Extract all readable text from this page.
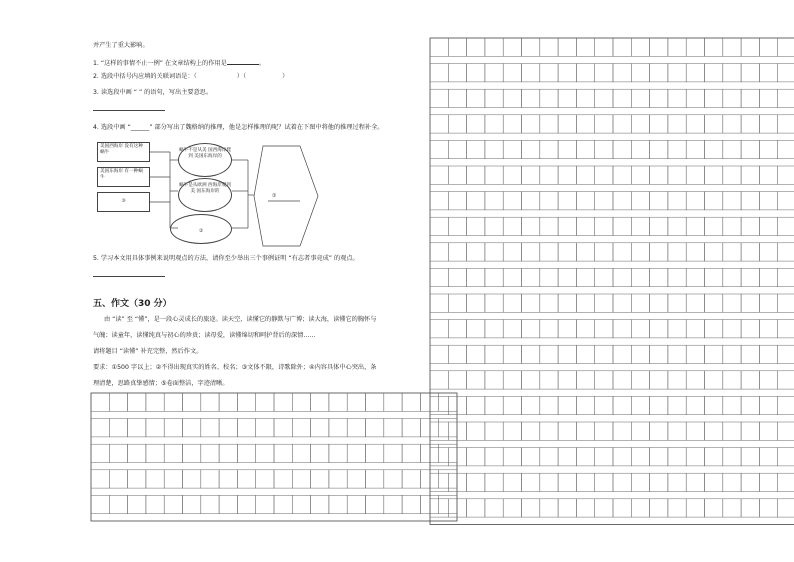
并产生了重大影响。
1. “这样的事情不止一例” 在文章结构上的作用是	。
2. 选段中括号内应填的关联词语是：（	）（	）
3. 读选段中画 “ ” 的语句，写出主要意思。
4. 选段中画 “______” 部分写出了魏格纳的推理，他是怎样推理的呢？试着在下图中将他的推理过程补全。
美国西海岸 没有这种蜗牛
美国东海岸 有一种蜗牛
③
蜗牛不是从美 国西海岸爬到 美国东海岸的
蜗牛是从欧洲 西海岸爬到美 国东海岸的
②
①
5. 学习本文用具体事例来说明观点的方法，请你至少举出三个事例证明 “有志者事竟成” 的观点。
五、作文（30 分）
由 “读” 至 “懂”，是一段心灵成长的旅途。读天空，读懂它的静默与广博；读大海，读懂它的胸怀与
气魄；读童年，读懂纯真与初心的珍贵；读母爱，读懂绵切和呵护背后的深情……
请将题目 “读懂” 补充完整，然后作文。
要求：①500 字以上；②不得出现真实的姓名、校名；③文体不限，诗歌除外；④内容具体中心突出，条
理清楚，思路真挚感情；⑤卷面整洁，字迹清晰。
